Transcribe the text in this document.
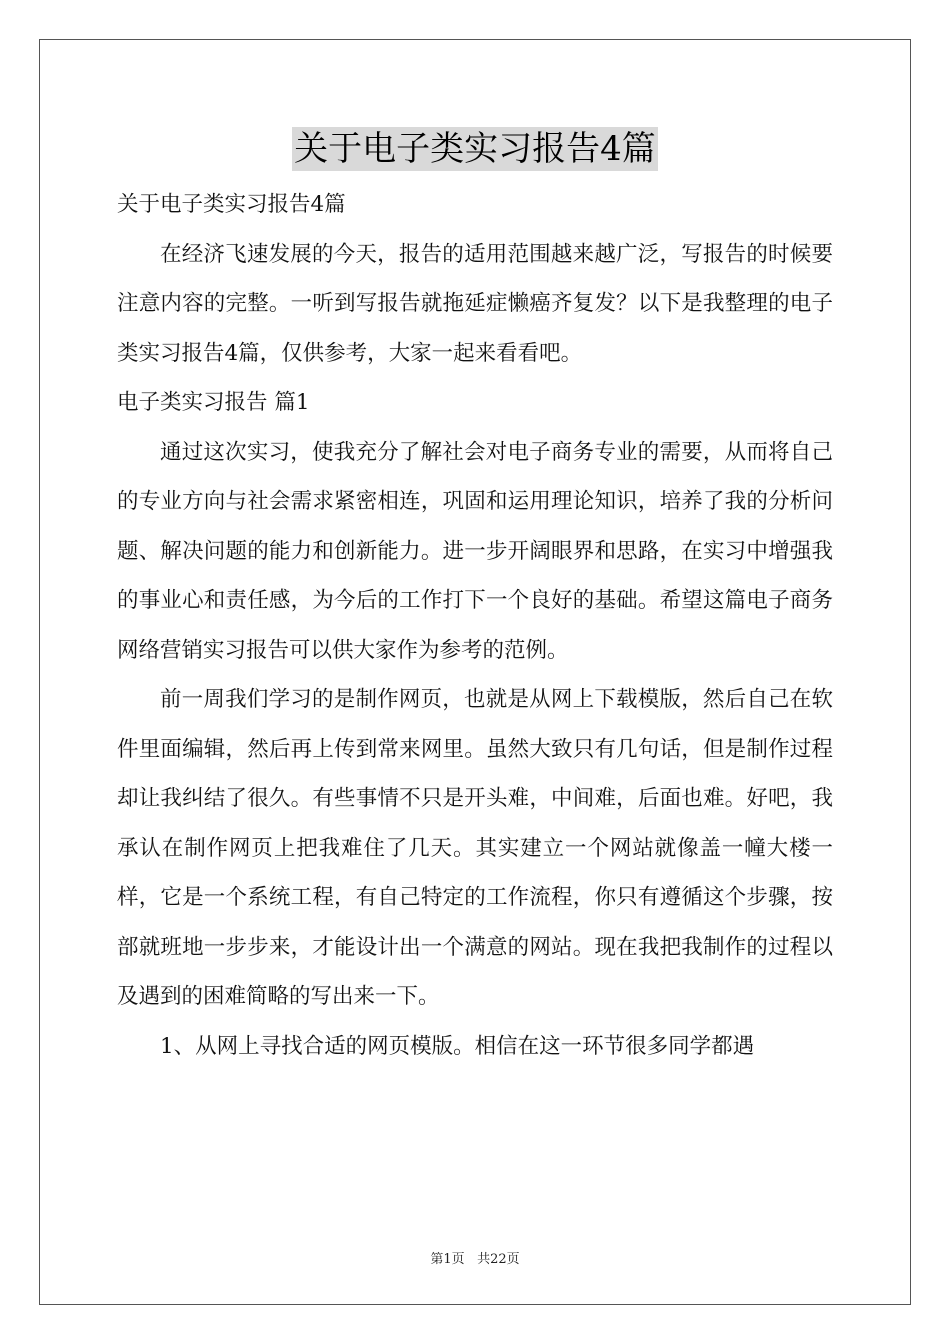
关于电子类实习报告4篇

关于电子类实习报告4篇

在经济飞速发展的今天，报告的适用范围越来越广泛，写报告的时候要注意内容的完整。一听到写报告就拖延症懒癌齐复发？以下是我整理的电子类实习报告4篇，仅供参考，大家一起来看看吧。

电子类实习报告 篇1

通过这次实习，使我充分了解社会对电子商务专业的需要，从而将自己的专业方向与社会需求紧密相连，巩固和运用理论知识，培养了我的分析问题、解决问题的能力和创新能力。进一步开阔眼界和思路，在实习中增强我的事业心和责任感，为今后的工作打下一个良好的基础。希望这篇电子商务网络营销实习报告可以供大家作为参考的范例。

前一周我们学习的是制作网页，也就是从网上下载模版，然后自己在软件里面编辑，然后再上传到常来网里。虽然大致只有几句话，但是制作过程却让我纠结了很久。有些事情不只是开头难，中间难，后面也难。好吧，我承认在制作网页上把我难住了几天。其实建立一个网站就像盖一幢大楼一样，它是一个系统工程，有自己特定的工作流程，你只有遵循这个步骤，按部就班地一步步来，才能设计出一个满意的网站。现在我把我制作的过程以及遇到的困难简略的写出来一下。

1、从网上寻找合适的网页模版。相信在这一环节很多同学都遇

第1页 共22页
